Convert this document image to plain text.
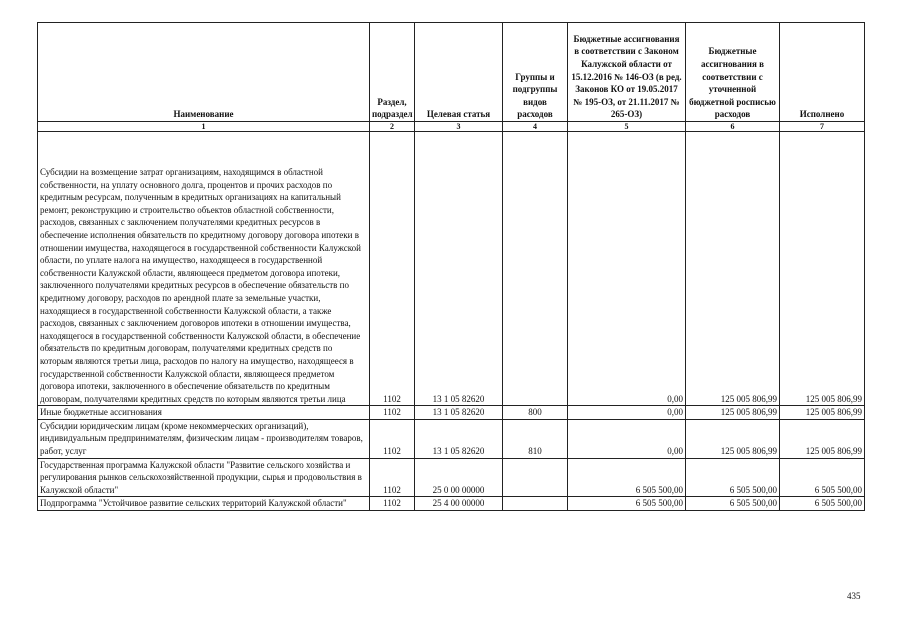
Наименование	Раздел, подраздел	Целевая статья	Группы и подгруппы видов расходов	Бюджетные ассигнования в соответствии с Законом Калужской области от 15.12.2016 № 146-ОЗ (в ред. Законов КО от 19.05.2017 № 195-ОЗ, от 21.11.2017 № 265-ОЗ)	Бюджетные ассигнования в соответствии с уточненной бюджетной росписью расходов	Исполнено
1	2	3	4	5	6	7
Субсидии на возмещение затрат организациям, находящимся в областной собственности, на уплату основного долга, процентов и прочих расходов по кредитным ресурсам, полученным в кредитных организациях на капитальный ремонт, реконструкцию и строительство объектов областной собственности, расходов, связанных с заключением получателями кредитных ресурсов в обеспечение исполнения обязательств по кредитному договору договора ипотеки в отношении имущества, находящегося в государственной собственности Калужской области, по уплате налога на имущество, находящееся в государственной собственности Калужской области, являющееся предметом договора ипотеки, заключенного получателями кредитных ресурсов в обеспечение обязательств по кредитному договору, расходов по арендной плате за земельные участки, находящиеся в государственной собственности Калужской области, а также расходов, связанных с заключением договоров ипотеки в отношении имущества, находящегося в государственной собственности Калужской области, в обеспечение обязательств по кредитным договорам, получателями кредитных средств по которым являются третьи лица, расходов по налогу на имущество, находящееся в государственной собственности Калужской области, являющееся предметом договора ипотеки, заключенного в обеспечение обязательств по кредитным договорам, получателями кредитных средств по которым являются третьи лица	1102	13 1 05 82620		0,00	125 005 806,99	125 005 806,99
Иные бюджетные ассигнования	1102	13 1 05 82620	800	0,00	125 005 806,99	125 005 806,99
Субсидии юридическим лицам (кроме некоммерческих организаций), индивидуальным предпринимателям, физическим лицам - производителям товаров, работ, услуг	1102	13 1 05 82620	810	0,00	125 005 806,99	125 005 806,99
Государственная программа Калужской области "Развитие сельского хозяйства и регулирования рынков сельскохозяйственной продукции, сырья и продовольствия в Калужской области"	1102	25 0 00 00000		6 505 500,00	6 505 500,00	6 505 500,00
Подпрограмма "Устойчивое развитие сельских территорий Калужской области"	1102	25 4 00 00000		6 505 500,00	6 505 500,00	6 505 500,00
435
